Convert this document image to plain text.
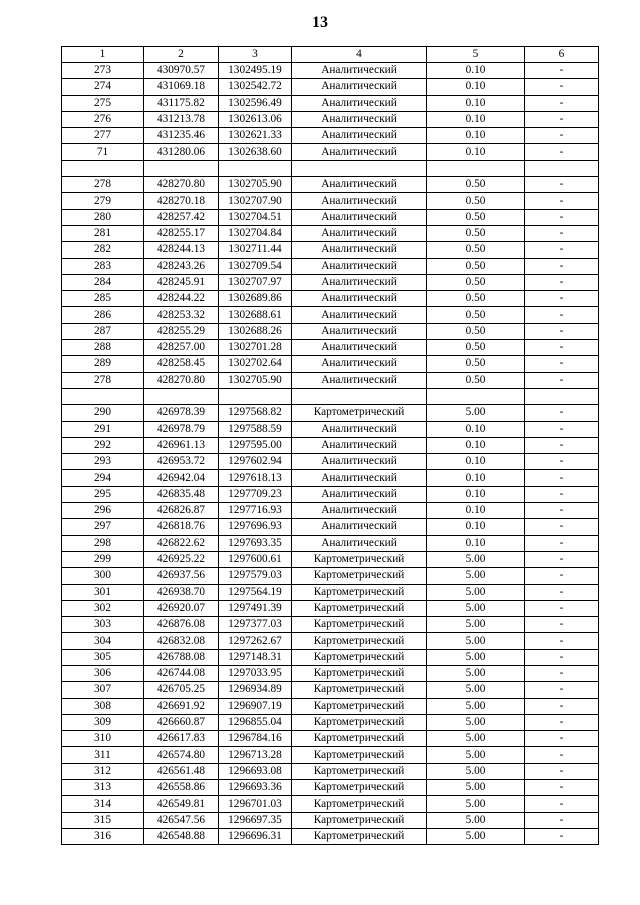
13
1	2	3	4	5	6
273	430970.57	1302495.19	Аналитический	0.10	-
274	431069.18	1302542.72	Аналитический	0.10	-
275	431175.82	1302596.49	Аналитический	0.10	-
276	431213.78	1302613.06	Аналитический	0.10	-
277	431235.46	1302621.33	Аналитический	0.10	-
71	431280.06	1302638.60	Аналитический	0.10	-

278	428270.80	1302705.90	Аналитический	0.50	-
279	428270.18	1302707.90	Аналитический	0.50	-
280	428257.42	1302704.51	Аналитический	0.50	-
281	428255.17	1302704.84	Аналитический	0.50	-
282	428244.13	1302711.44	Аналитический	0.50	-
283	428243.26	1302709.54	Аналитический	0.50	-
284	428245.91	1302707.97	Аналитический	0.50	-
285	428244.22	1302689.86	Аналитический	0.50	-
286	428253.32	1302688.61	Аналитический	0.50	-
287	428255.29	1302688.26	Аналитический	0.50	-
288	428257.00	1302701.28	Аналитический	0.50	-
289	428258.45	1302702.64	Аналитический	0.50	-
278	428270.80	1302705.90	Аналитический	0.50	-

290	426978.39	1297568.82	Картометрический	5.00	-
291	426978.79	1297588.59	Аналитический	0.10	-
292	426961.13	1297595.00	Аналитический	0.10	-
293	426953.72	1297602.94	Аналитический	0.10	-
294	426942.04	1297618.13	Аналитический	0.10	-
295	426835.48	1297709.23	Аналитический	0.10	-
296	426826.87	1297716.93	Аналитический	0.10	-
297	426818.76	1297696.93	Аналитический	0.10	-
298	426822.62	1297693.35	Аналитический	0.10	-
299	426925.22	1297600.61	Картометрический	5.00	-
300	426937.56	1297579.03	Картометрический	5.00	-
301	426938.70	1297564.19	Картометрический	5.00	-
302	426920.07	1297491.39	Картометрический	5.00	-
303	426876.08	1297377.03	Картометрический	5.00	-
304	426832.08	1297262.67	Картометрический	5.00	-
305	426788.08	1297148.31	Картометрический	5.00	-
306	426744.08	1297033.95	Картометрический	5.00	-
307	426705.25	1296934.89	Картометрический	5.00	-
308	426691.92	1296907.19	Картометрический	5.00	-
309	426660.87	1296855.04	Картометрический	5.00	-
310	426617.83	1296784.16	Картометрический	5.00	-
311	426574.80	1296713.28	Картометрический	5.00	-
312	426561.48	1296693.08	Картометрический	5.00	-
313	426558.86	1296693.36	Картометрический	5.00	-
314	426549.81	1296701.03	Картометрический	5.00	-
315	426547.56	1296697.35	Картометрический	5.00	-
316	426548.88	1296696.31	Картометрический	5.00	-
